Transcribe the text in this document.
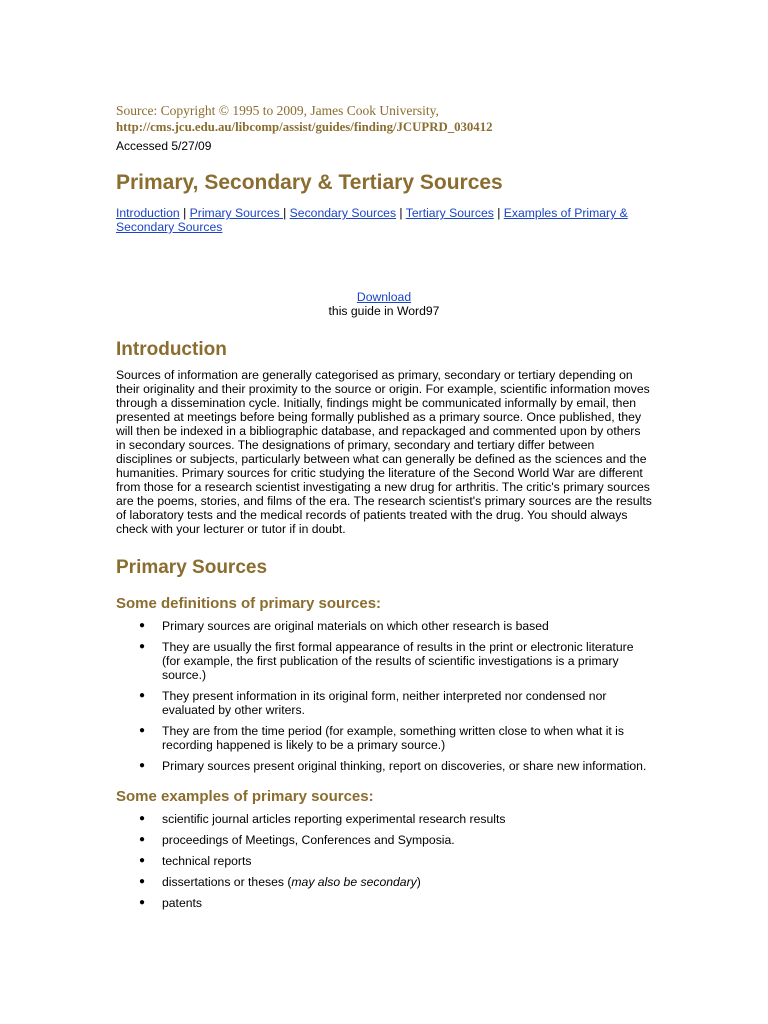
Source: Copyright © 1995 to 2009, James Cook University,

http://cms.jcu.edu.au/libcomp/assist/guides/finding/JCUPRD_030412

Accessed 5/27/09

Primary, Secondary & Tertiary Sources
Introduction | Primary Sources | Secondary Sources | Tertiary Sources | Examples of Primary & Secondary Sources
Download
this guide in Word97
Introduction

Sources of information are generally categorised as primary, secondary or tertiary depending on their originality and their proximity to the source or origin. For example, scientific information moves through a dissemination cycle. Initially, findings might be communicated informally by email, then presented at meetings before being formally published as a primary source. Once published, they will then be indexed in a bibliographic database, and repackaged and commented upon by others in secondary sources. The designations of primary, secondary and tertiary differ between disciplines or subjects, particularly between what can generally be defined as the sciences and the humanities. Primary sources for critic studying the literature of the Second World War are different from those for a research scientist investigating a new drug for arthritis. The critic's primary sources are the poems, stories, and films of the era. The research scientist's primary sources are the results of laboratory tests and the medical records of patients treated with the drug. You should always check with your lecturer or tutor if in doubt.

Primary Sources
Some definitions of primary sources:
● Primary sources are original materials on which other research is based
● They are usually the first formal appearance of results in the print or electronic literature (for example, the first publication of the results of scientific investigations is a primary source.)
● They present information in its original form, neither interpreted nor condensed nor evaluated by other writers.
● They are from the time period (for example, something written close to when what it is recording happened is likely to be a primary source.)
● Primary sources present original thinking, report on discoveries, or share new information.
Some examples of primary sources:
● scientific journal articles reporting experimental research results
● proceedings of Meetings, Conferences and Symposia.
● technical reports
● dissertations or theses (may also be secondary)
● patents
